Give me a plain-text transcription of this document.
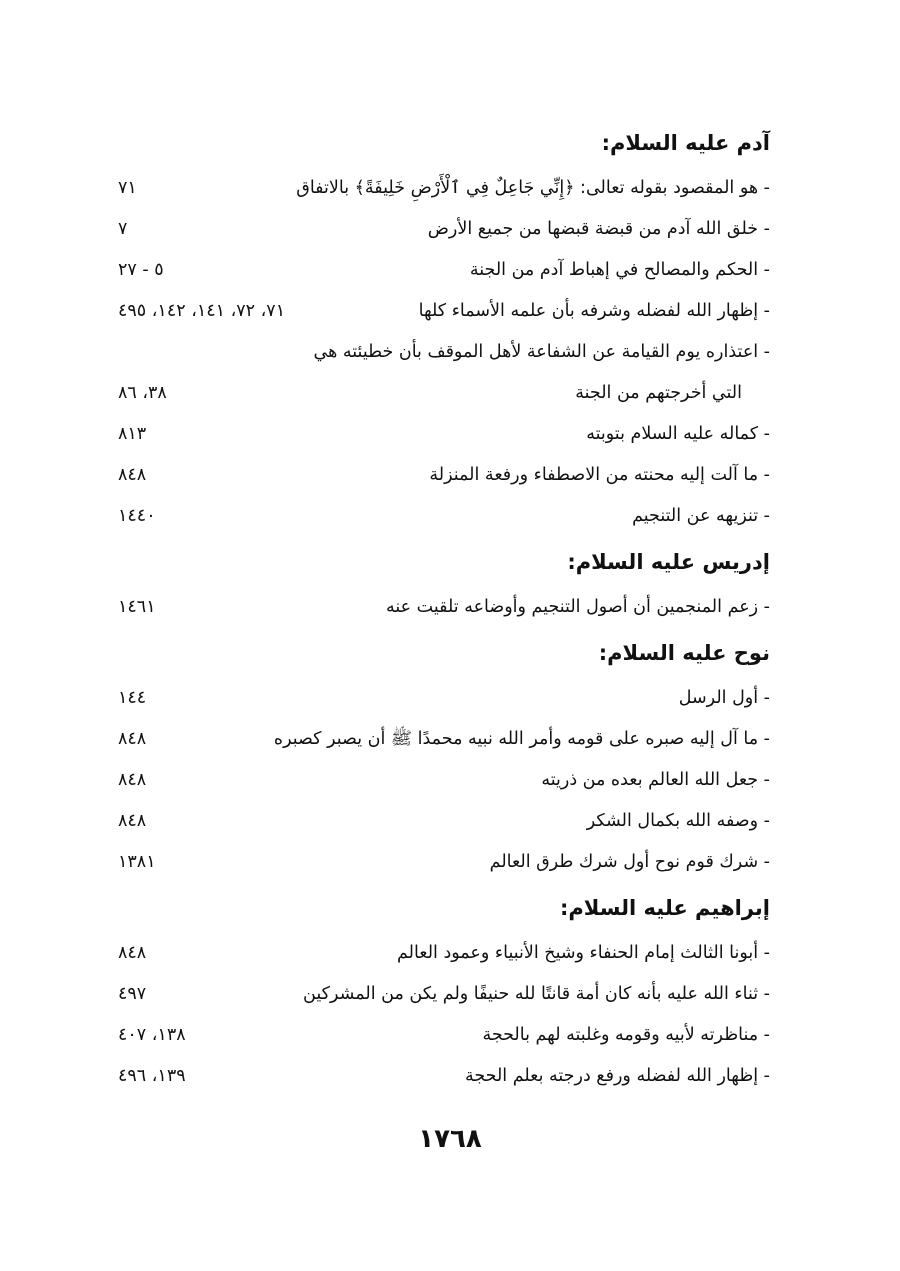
آدم عليه السلام:
- هو المقصود بقوله تعالى: ﴿إِنِّي جَاعِلٌ فِي ٱلْأَرْضِ خَلِيفَةً﴾ بالاتفاق
٧١
- خلق الله آدم من قبضة قبضها من جميع الأرض
٧
- الحكم والمصالح في إهباط آدم من الجنة
٥ - ٢٧
- إظهار الله لفضله وشرفه بأن علمه الأسماء كلها
٧١، ٧٢، ١٤١، ١٤٢، ٤٩٥
- اعتذاره يوم القيامة عن الشفاعة لأهل الموقف بأن خطيئته هي
التي أخرجتهم من الجنة
٣٨، ٨٦
- كماله عليه السلام بتوبته
٨١٣
- ما آلت إليه محنته من الاصطفاء ورفعة المنزلة
٨٤٨
- تنزيهه عن التنجيم
١٤٤٠
إدريس عليه السلام:
- زعم المنجمين أن أصول التنجيم وأوضاعه تلقيت عنه
١٤٦١
نوح عليه السلام:
- أول الرسل
١٤٤
- ما آل إليه صبره على قومه وأمر الله نبيه محمدًا ﷺ أن يصبر كصبره
٨٤٨
- جعل الله العالم بعده من ذريته
٨٤٨
- وصفه الله بكمال الشكر
٨٤٨
- شرك قوم نوح أول شرك طرق العالم
١٣٨١
إبراهيم عليه السلام:
- أبونا الثالث إمام الحنفاء وشيخ الأنبياء وعمود العالم
٨٤٨
- ثناء الله عليه بأنه كان أمة قانتًا لله حنيفًا ولم يكن من المشركين
٤٩٧
- مناظرته لأبيه وقومه وغلبته لهم بالحجة
١٣٨، ٤٠٧
- إظهار الله لفضله ورفع درجته بعلم الحجة
١٣٩، ٤٩٦
١٧٦٨
